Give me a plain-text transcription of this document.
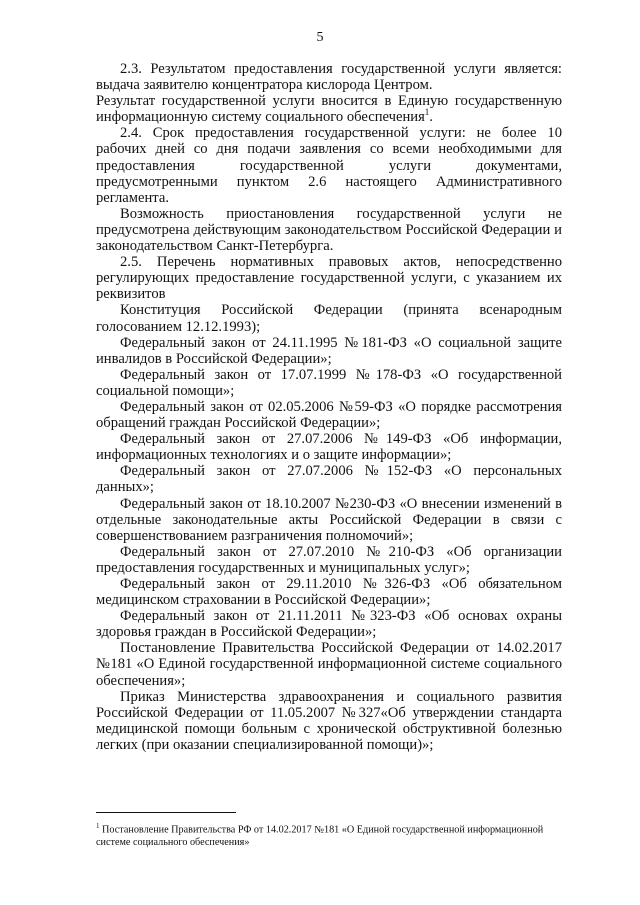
5

2.3. Результатом предоставления государственной услуги является: выдача заявителю концентратора кислорода Центром.

Результат государственной услуги вносится в Единую государственную информационную систему социального обеспечения$^1$.

2.4. Срок предоставления государственной услуги: не более 10 рабочих дней со дня подачи заявления со всеми необходимыми для предоставления государственной услуги документами, предусмотренными пунктом 2.6 настоящего Административного регламента.

Возможность приостановления государственной услуги не предусмотрена действующим законодательством Российской Федерации и законодательством Санкт-Петербурга.

2.5. Перечень нормативных правовых актов, непосредственно регулирующих предоставление государственной услуги, с указанием их реквизитов

Конституция Российской Федерации (принята всенародным голосованием 12.12.1993);

Федеральный закон от 24.11.1995 №181-ФЗ «О социальной защите инвалидов в Российской Федерации»;

Федеральный закон от 17.07.1999 №178-ФЗ «О государственной социальной помощи»;

Федеральный закон от 02.05.2006 №59-ФЗ «О порядке рассмотрения обращений граждан Российской Федерации»;

Федеральный закон от 27.07.2006 №149-ФЗ «Об информации, информационных технологиях и о защите информации»;

Федеральный закон от 27.07.2006 №152-ФЗ «О персональных данных»;

Федеральный закон от 18.10.2007 №230-ФЗ «О внесении изменений в отдельные законодательные акты Российской Федерации в связи с совершенствованием разграничения полномочий»;

Федеральный закон от 27.07.2010 №210-ФЗ «Об организации предоставления государственных и муниципальных услуг»;

Федеральный закон от 29.11.2010 №326-ФЗ «Об обязательном медицинском страховании в Российской Федерации»;

Федеральный закон от 21.11.2011 №323-ФЗ «Об основах охраны здоровья граждан в Российской Федерации»;

Постановление Правительства Российской Федерации от 14.02.2017 №181 «О Единой государственной информационной системе социального обеспечения»;

Приказ Министерства здравоохранения и социального развития Российской Федерации от 11.05.2007 №327«Об утверждении стандарта медицинской помощи больным с хронической обструктивной болезнью легких (при оказании специализированной помощи)»;

$^1$ Постановление Правительства РФ от 14.02.2017 №181 «О Единой государственной информационной системе социального обеспечения»
